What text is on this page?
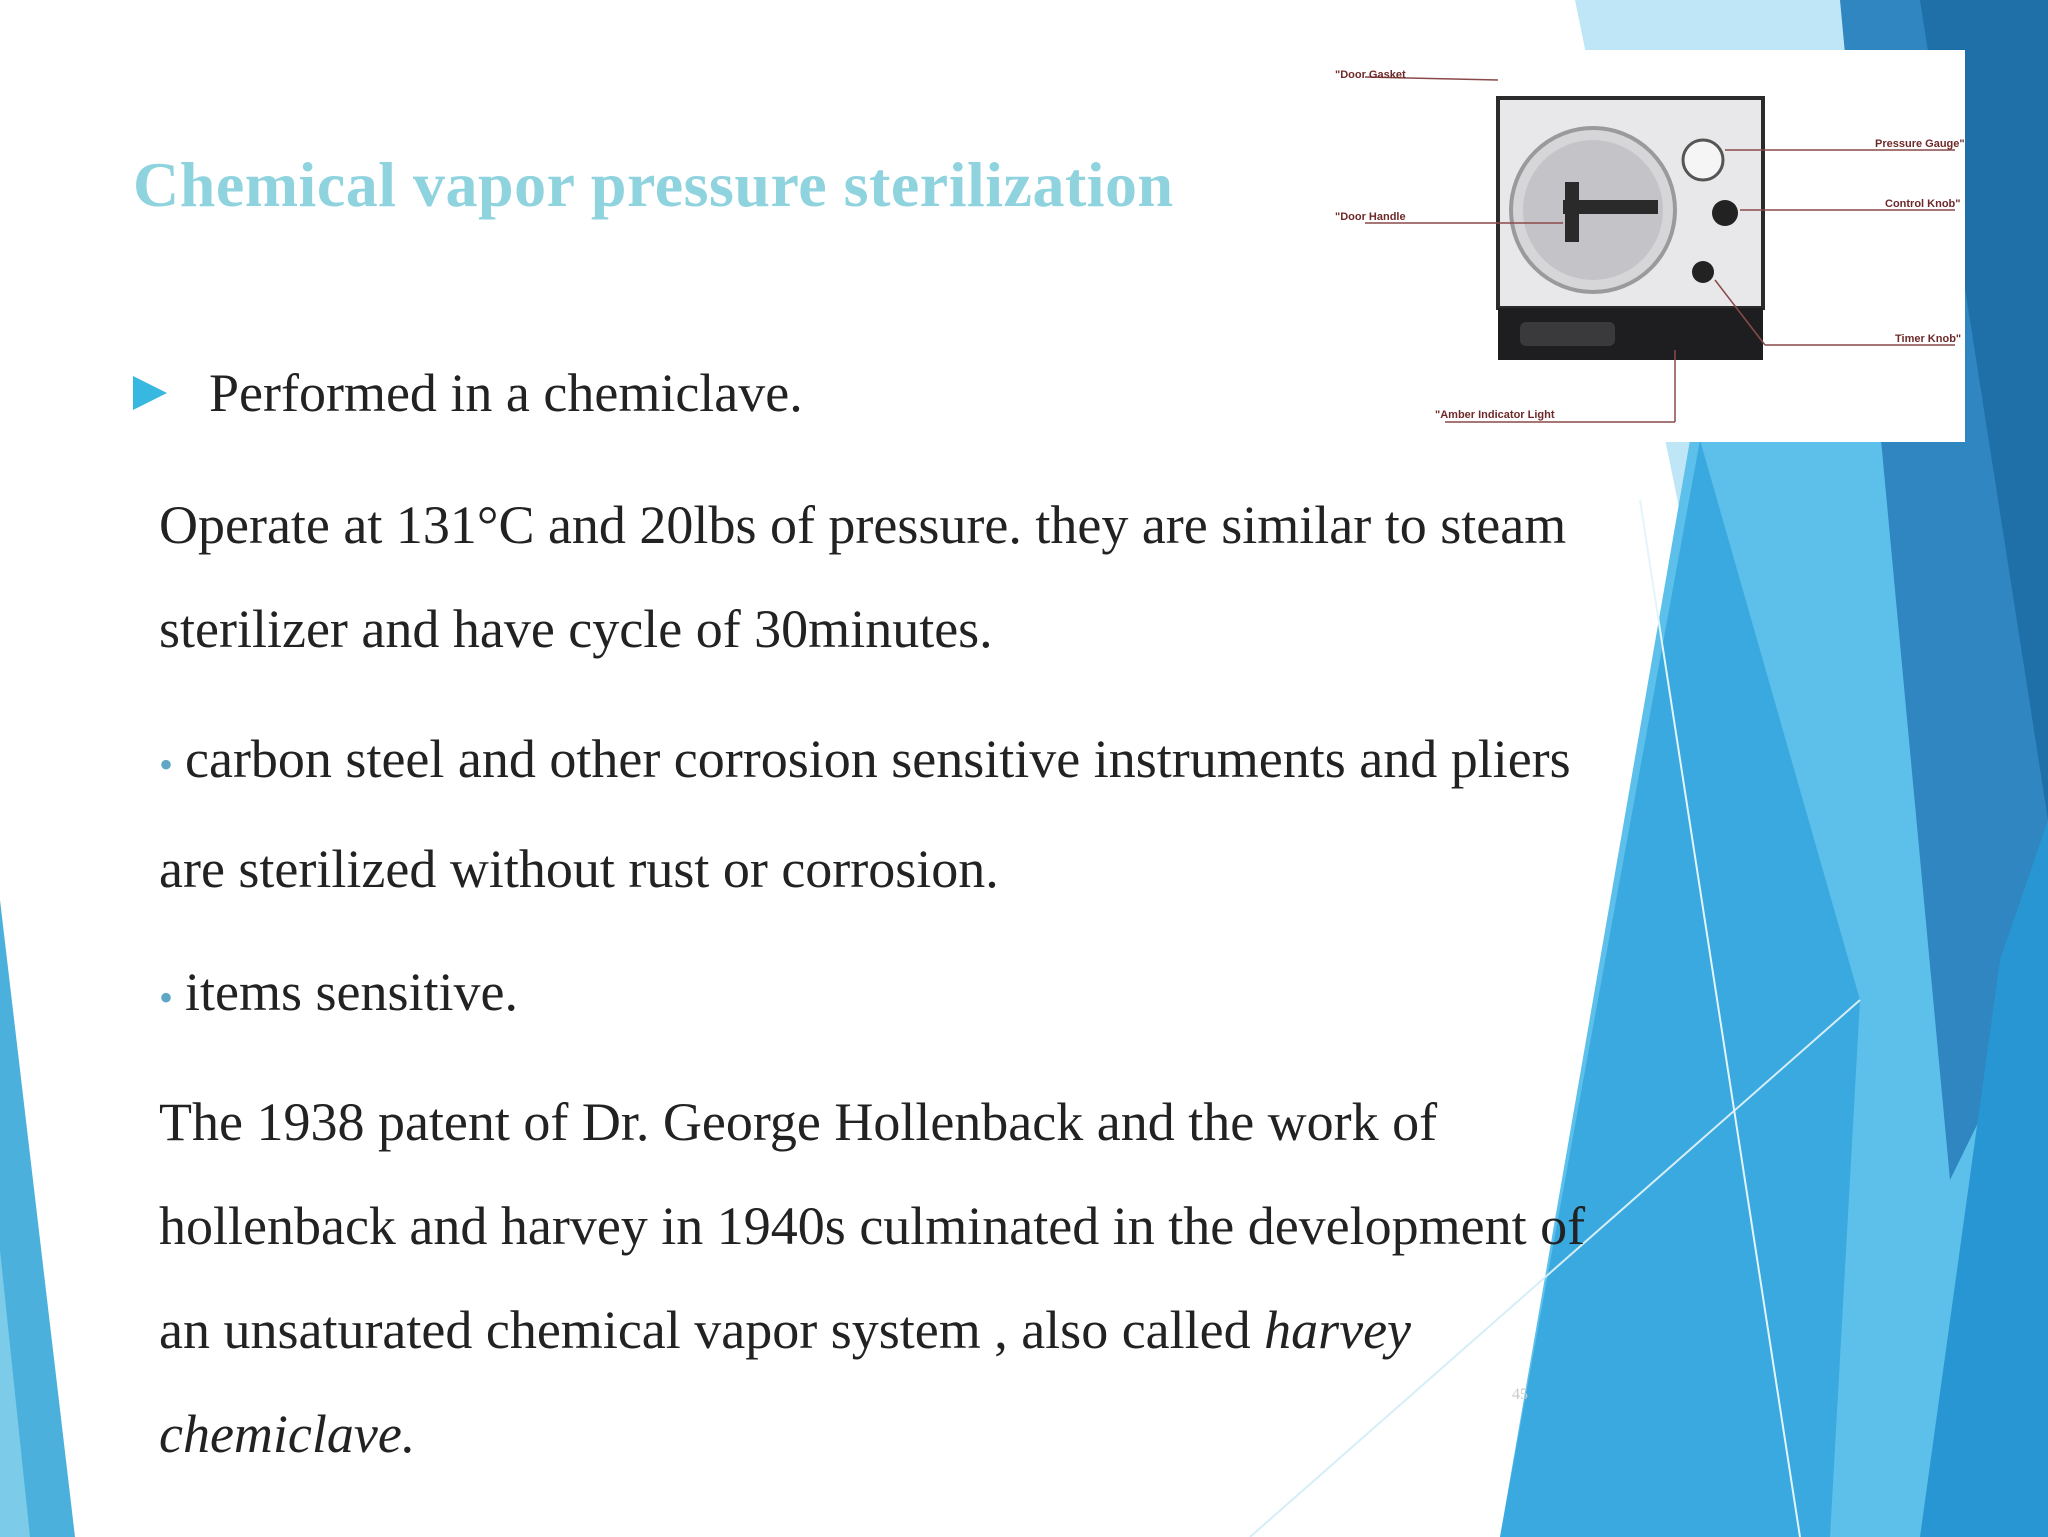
Chemical vapor pressure sterilization
Performed in a chemiclave.
Operate at 131°C and 20lbs of pressure. they are similar to steam
sterilizer and have cycle of 30minutes.
• carbon steel and other corrosion sensitive instruments and pliers
are sterilized without rust or corrosion.
• items sensitive.
The 1938 patent of Dr. George Hollenback and the work of
hollenback and harvey in 1940s culminated in the development of
an unsaturated chemical vapor system , also called harvey
chemiclave.
45
"Door Gasket
"Door Handle
Pressure Gauge"
Control Knob"
Timer Knob"
"Amber Indicator Light
